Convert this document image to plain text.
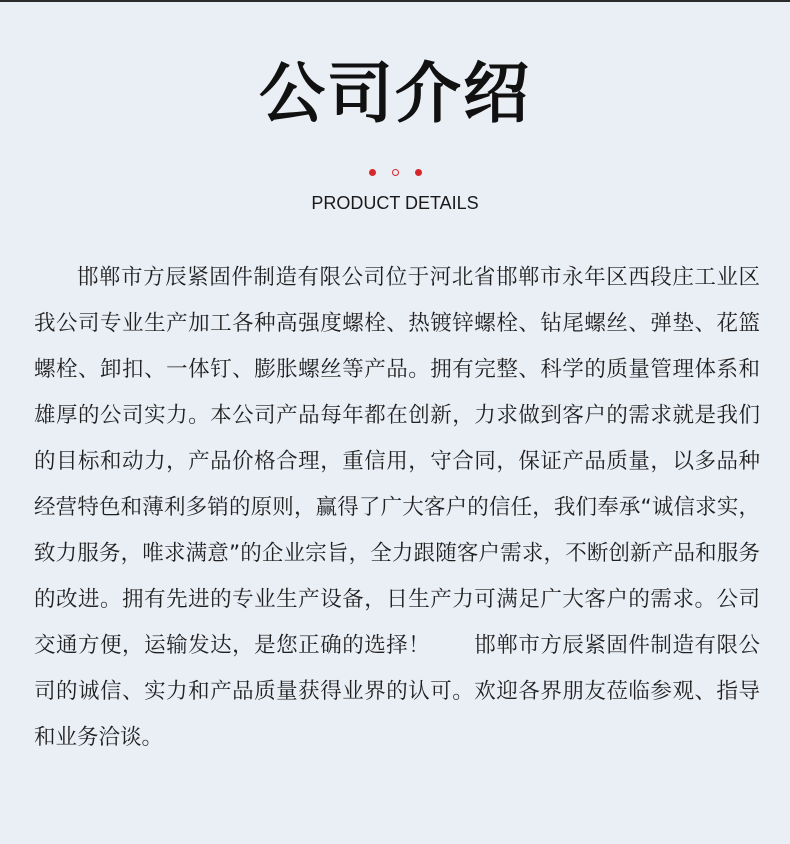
公司介绍
PRODUCT DETAILS

邯郸市方辰紧固件制造有限公司位于河北省邯郸市永年区西段庄工业区 我公司专业生产加工各种高强度螺栓、热镀锌螺栓、钻尾螺丝、弹垫、花篮螺栓、卸扣、一体钉、膨胀螺丝等产品。拥有完整、科学的质量管理体系和雄厚的公司实力。本公司产品每年都在创新，力求做到客户的需求就是我们的目标和动力，产品价格合理，重信用，守合同，保证产品质量，以多品种经营特色和薄利多销的原则，赢得了广大客户的信任，我们奉承“诚信求实，致力服务，唯求满意”的企业宗旨，全力跟随客户需求，不断创新产品和服务的改进。拥有先进的专业生产设备，日生产力可满足广大客户的需求。公司交通方便，运输发达，是您正确的选择！　　邯郸市方辰紧固件制造有限公司的诚信、实力和产品质量获得业界的认可。欢迎各界朋友莅临参观、指导和业务洽谈。
